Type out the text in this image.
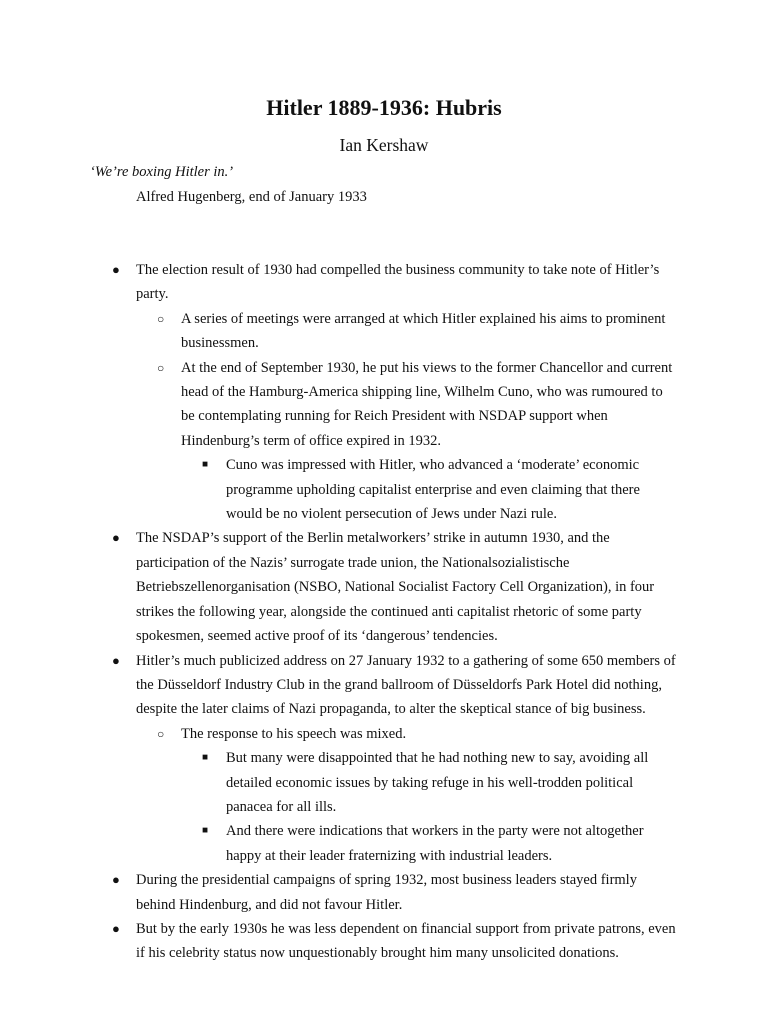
Hitler 1889-1936: Hubris
Ian Kershaw
‘We’re boxing Hitler in.’
Alfred Hugenberg, end of January 1933
● The election result of 1930 had compelled the business community to take note of Hitler’s party.
○ A series of meetings were arranged at which Hitler explained his aims to prominent businessmen.
○ At the end of September 1930, he put his views to the former Chancellor and current head of the Hamburg-America shipping line, Wilhelm Cuno, who was rumoured to be contemplating running for Reich President with NSDAP support when Hindenburg’s term of office expired in 1932.
■ Cuno was impressed with Hitler, who advanced a ‘moderate’ economic programme upholding capitalist enterprise and even claiming that there would be no violent persecution of Jews under Nazi rule.
● The NSDAP’s support of the Berlin metalworkers’ strike in autumn 1930, and the participation of the Nazis’ surrogate trade union, the Nationalsozialistische Betriebszellenorganisation (NSBO, National Socialist Factory Cell Organization), in four strikes the following year, alongside the continued anti capitalist rhetoric of some party spokesmen, seemed active proof of its ‘dangerous’ tendencies.
● Hitler’s much publicized address on 27 January 1932 to a gathering of some 650 members of the Düsseldorf Industry Club in the grand ballroom of Düsseldorfs Park Hotel did nothing, despite the later claims of Nazi propaganda, to alter the skeptical stance of big business.
○ The response to his speech was mixed.
■ But many were disappointed that he had nothing new to say, avoiding all detailed economic issues by taking refuge in his well-trodden political panacea for all ills.
■ And there were indications that workers in the party were not altogether happy at their leader fraternizing with industrial leaders.
● During the presidential campaigns of spring 1932, most business leaders stayed firmly behind Hindenburg, and did not favour Hitler.
● But by the early 1930s he was less dependent on financial support from private patrons, even if his celebrity status now unquestionably brought him many unsolicited donations.
